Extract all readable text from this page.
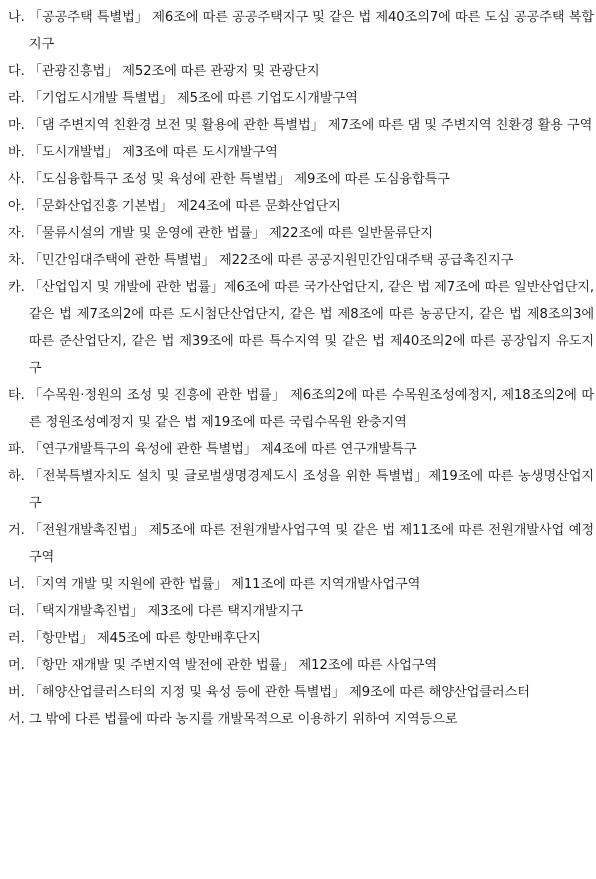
나. 「공공주택 특별법」 제6조에 따른 공공주택지구 및 같은 법 제40조의7에 따른 도심 공공주택 복합지구
다. 「관광진흥법」 제52조에 따른 관광지 및 관광단지
라. 「기업도시개발 특별법」 제5조에 따른 기업도시개발구역
마. 「댐 주변지역 친환경 보전 및 활용에 관한 특별법」 제7조에 따른 댐 및 주변지역 친환경 활용 구역
바. 「도시개발법」 제3조에 따른 도시개발구역
사. 「도심융합특구 조성 및 육성에 관한 특별법」 제9조에 따른 도심융합특구
아. 「문화산업진흥 기본법」 제24조에 따른 문화산업단지
자. 「물류시설의 개발 및 운영에 관한 법률」 제22조에 따른 일반물류단지
차. 「민간임대주택에 관한 특별법」 제22조에 따른 공공지원민간임대주택 공급촉진지구
카. 「산업입지 및 개발에 관한 법률」제6조에 따른 국가산업단지, 같은 법 제7조에 따른 일반산업단지, 같은 법 제7조의2에 따른 도시첨단산업단지, 같은 법 제8조에 따른 농공단지, 같은 법 제8조의3에 따른 준산업단지, 같은 법 제39조에 따른 특수지역 및 같은 법 제40조의2에 따른 공장입지 유도지구
타. 「수목원·정원의 조성 및 진흥에 관한 법률」 제6조의2에 따른 수목원조성예정지, 제18조의2에 따른 정원조성예정지 및 같은 법 제19조에 따른 국립수목원 완충지역
파. 「연구개발특구의 육성에 관한 특별법」 제4조에 따른 연구개발특구
하. 「전북특별자치도 설치 및 글로벌생명경제도시 조성을 위한 특별법」제19조에 따른 농생명산업지구
거. 「전원개발촉진법」 제5조에 따른 전원개발사업구역 및 같은 법 제11조에 따른 전원개발사업 예정구역
너. 「지역 개발 및 지원에 관한 법률」 제11조에 따른 지역개발사업구역
더. 「택지개발촉진법」 제3조에 다른 택지개발지구
러. 「항만법」 제45조에 따른 항만배후단지
머. 「항만 재개발 및 주변지역 발전에 관한 법률」 제12조에 따른 사업구역
버. 「해양산업클러스터의 지정 및 육성 등에 관한 특별법」 제9조에 따른 해양산업클러스터
서. 그 밖에 다른 법률에 따라 농지를 개발목적으로 이용하기 위하여 지역등으로
